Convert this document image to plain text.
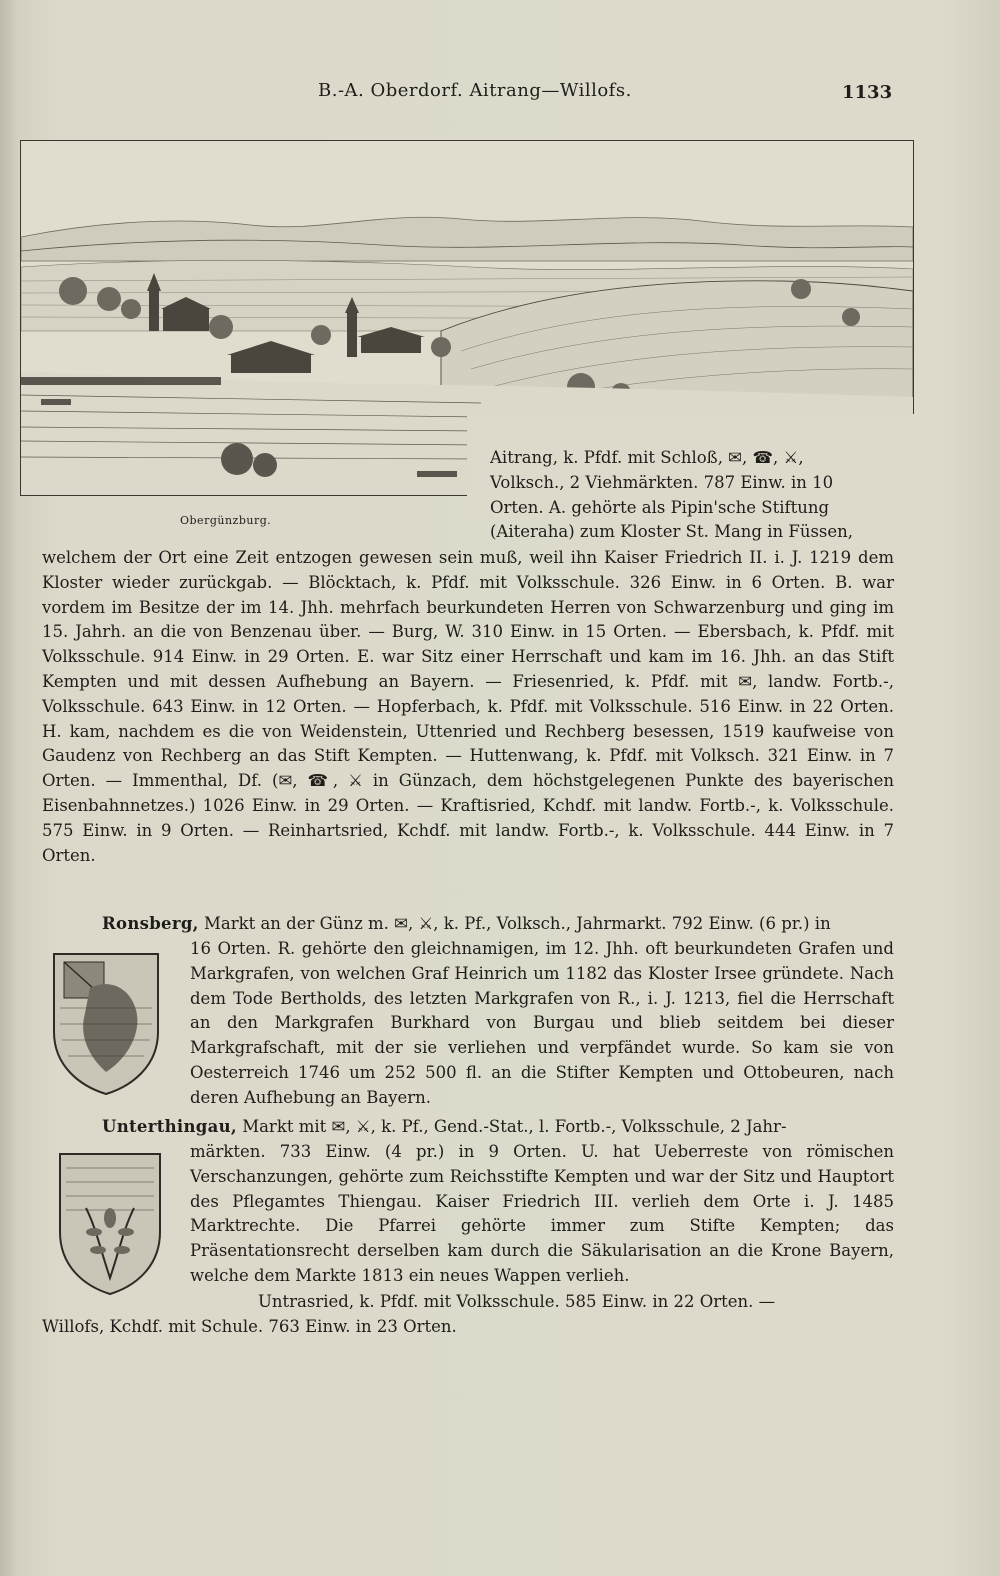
B.-A. Oberdorf. Aitrang—Willofs.	1133
Obergünzburg.
Aitrang, k. Pfdf. mit Schloß, ✉, ☎, ⚔,
Volksch., 2 Viehmärkten. 787 Einw. in 10
Orten. A. gehörte als Pipin'sche Stiftung
(Aiteraha) zum Kloster St. Mang in Füssen,
welchem der Ort eine Zeit entzogen gewesen sein muß, weil ihn Kaiser Friedrich II. i. J. 1219 dem Kloster wieder zurückgab. — Blöcktach, k. Pfdf. mit Volksschule. 326 Einw. in 6 Orten. B. war vordem im Besitze der im 14. Jhh. mehrfach beurkundeten Herren von Schwarzenburg und ging im 15. Jahrh. an die von Benzenau über. — Burg, W. 310 Einw. in 15 Orten. — Ebersbach, k. Pfdf. mit Volksschule. 914 Einw. in 29 Orten. E. war Sitz einer Herrschaft und kam im 16. Jhh. an das Stift Kempten und mit dessen Aufhebung an Bayern. — Friesenried, k. Pfdf. mit ✉, landw. Fortb.-, Volksschule. 643 Einw. in 12 Orten. — Hopferbach, k. Pfdf. mit Volksschule. 516 Einw. in 22 Orten. H. kam, nachdem es die von Weidenstein, Uttenried und Rechberg besessen, 1519 kaufweise von Gaudenz von Rechberg an das Stift Kempten. — Huttenwang, k. Pfdf. mit Volksch. 321 Einw. in 7 Orten. — Immenthal, Df. (✉, ☎, ⚔ in Günzach, dem höchstgelegenen Punkte des bayerischen Eisenbahnnetzes.) 1026 Einw. in 29 Orten. — Kraftisried, Kchdf. mit landw. Fortb.-, k. Volksschule. 575 Einw. in 9 Orten. — Reinhartsried, Kchdf. mit landw. Fortb.-, k. Volksschule. 444 Einw. in 7 Orten.
Ronsberg, Markt an der Günz m. ✉, ⚔, k. Pf., Volksch., Jahrmarkt. 792 Einw. (6 pr.) in
16 Orten. R. gehörte den gleichnamigen, im 12. Jhh. oft beurkundeten Grafen und Markgrafen, von welchen Graf Heinrich um 1182 das Kloster Irsee gründete. Nach dem Tode Bertholds, des letzten Markgrafen von R., i. J. 1213, fiel die Herrschaft an den Markgrafen Burkhard von Burgau und blieb seitdem bei dieser Markgrafschaft, mit der sie verliehen und verpfändet wurde. So kam sie von Oesterreich 1746 um 252 500 fl. an die Stifter Kempten und Ottobeuren, nach deren Aufhebung an Bayern.
Unterthingau, Markt mit ✉, ⚔, k. Pf., Gend.-Stat., l. Fortb.-, Volksschule, 2 Jahr-
märkten. 733 Einw. (4 pr.) in 9 Orten. U. hat Ueberreste von römischen Verschanzungen, gehörte zum Reichsstifte Kempten und war der Sitz und Hauptort des Pflegamtes Thiengau. Kaiser Friedrich III. verlieh dem Orte i. J. 1485 Marktrechte. Die Pfarrei gehörte immer zum Stifte Kempten; das Präsentationsrecht derselben kam durch die Säkularisation an die Krone Bayern, welche dem Markte 1813 ein neues Wappen verlieh.
Untrasried, k. Pfdf. mit Volksschule. 585 Einw. in 22 Orten. —
Willofs, Kchdf. mit Schule. 763 Einw. in 23 Orten.
